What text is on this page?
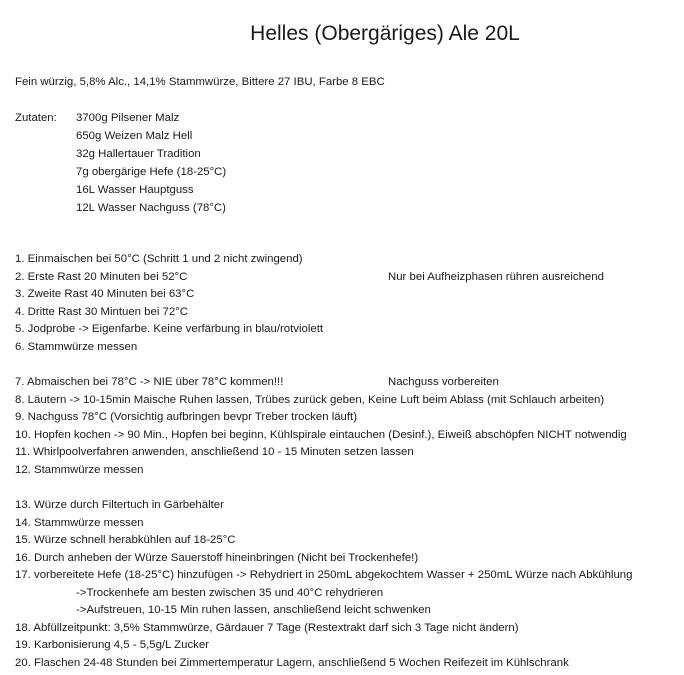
Helles (Obergäriges) Ale 20L
Fein würzig, 5,8% Alc., 14,1% Stammwürze, Bittere 27 IBU, Farbe 8 EBC
Zutaten: 3700g Pilsener Malz
650g Weizen Malz Hell
32g Hallertauer Tradition
7g obergärige Hefe (18-25°C)
16L Wasser Hauptguss
12L Wasser Nachguss (78°C)
1. Einmaischen bei 50°C (Schritt 1 und 2 nicht zwingend)
2. Erste Rast 20 Minuten bei 52°C	Nur bei Aufheizphasen rühren ausreichend
3. Zweite Rast 40 Minuten bei 63°C
4. Dritte Rast 30 Mintuen bei 72°C
5. Jodprobe -> Eigenfarbe. Keine verfärbung in blau/rotviolett
6. Stammwürze messen
7. Abmaischen bei 78°C -> NIE über 78°C kommen!!!	Nachguss vorbereiten
8. Läutern -> 10-15min Maische Ruhen lassen, Trübes zurück geben, Keine Luft beim Ablass (mit Schlauch arbeiten)
9. Nachguss 78°C (Vorsichtig aufbringen bevpr Treber trocken läuft)
10. Hopfen kochen -> 90 Min., Hopfen bei beginn, Kühlspirale eintauchen (Desinf.), Eiweiß abschöpfen NICHT notwendig
11. Whirlpoolverfahren anwenden, anschließend 10 - 15 Minuten setzen lassen
12. Stammwürze messen
13. Würze durch Filtertuch in Gärbehälter
14. Stammwürze messen
15. Würze schnell herabkühlen auf 18-25°C
16. Durch anheben der Würze Sauerstoff hineinbringen (Nicht bei Trockenhefe!)
17. vorbereitete Hefe (18-25°C) hinzufügen -> Rehydriert in 250mL abgekochtem Wasser + 250mL Würze nach Abkühlung
->Trockenhefe am besten zwischen 35 und 40°C rehydrieren
->Aufstreuen, 10-15 Min ruhen lassen, anschließend leicht schwenken
18. Abfüllzeitpunkt: 3,5% Stammwürze, Gärdauer 7 Tage (Restextrakt darf sich 3 Tage nicht ändern)
19. Karbonisierung 4,5 - 5,5g/L Zucker
20. Flaschen 24-48 Stunden bei Zimmertemperatur Lagern, anschließend 5 Wochen Reifezeit im Kühlschrank
